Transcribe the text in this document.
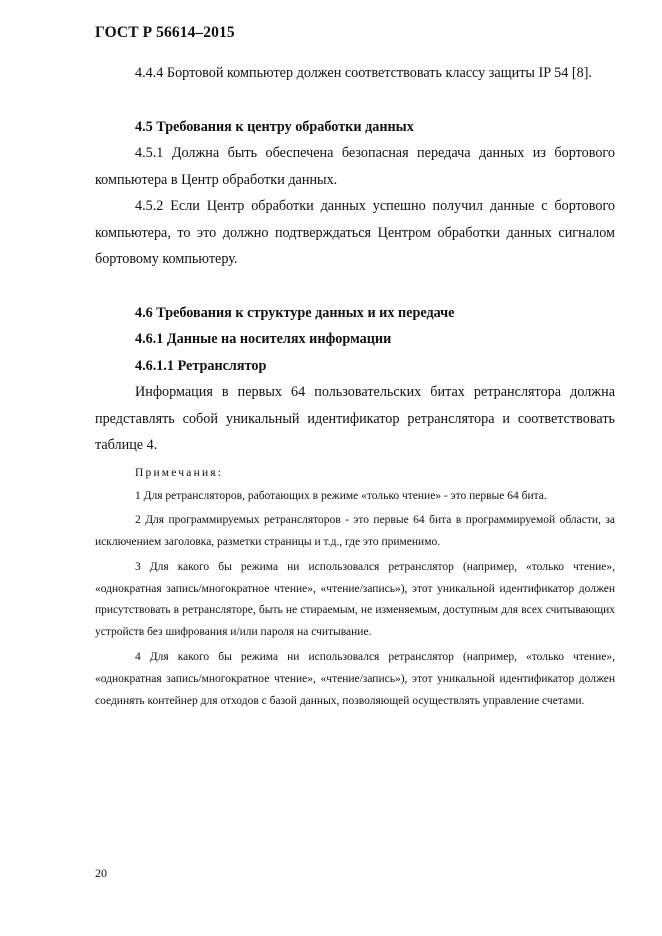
ГОСТ Р 56614–2015

4.4.4 Бортовой компьютер должен соответствовать классу защиты IP 54 [8].

4.5 Требования к центру обработки данных

4.5.1 Должна быть обеспечена безопасная передача данных из бортового компьютера в Центр обработки данных.

4.5.2 Если Центр обработки данных успешно получил данные с бортового компьютера, то это должно подтверждаться Центром обработки данных сигналом бортовому компьютеру.

4.6 Требования к структуре данных и их передаче

4.6.1 Данные на носителях информации

4.6.1.1 Ретранслятор

Информация в первых 64 пользовательских битах ретранслятора должна представлять собой уникальный идентификатор ретранслятора и соответствовать таблице 4.

Примечания:

1 Для ретрансляторов, работающих в режиме «только чтение» - это первые 64 бита.

2 Для программируемых ретрансляторов - это первые 64 бита в программируемой области, за исключением заголовка, разметки страницы и т.д., где это применимо.

3 Для какого бы режима ни использовался ретранслятор (например, «только чтение», «однократная запись/многократное чтение», «чтение/запись»), этот уникальной идентификатор должен присутствовать в ретрансляторе, быть не стираемым, не изменяемым, доступным для всех считывающих устройств без шифрования и/или пароля на считывание.

4 Для какого бы режима ни использовался ретранслятор (например, «только чтение», «однократная запись/многократное чтение», «чтение/запись»), этот уникальной идентификатор должен соединять контейнер для отходов с базой данных, позволяющей осуществлять управление счетами.

20
